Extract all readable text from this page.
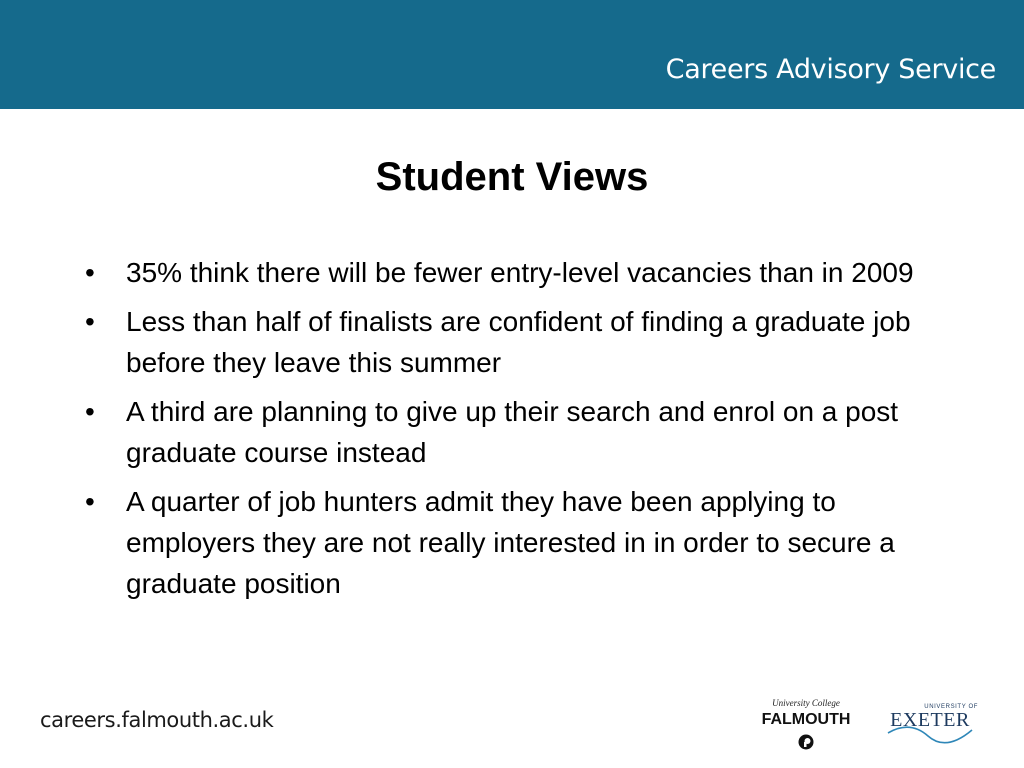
Careers Advisory Service
Student Views
•	35% think there will be fewer entry-level vacancies than in 2009
•	Less than half of finalists are confident of finding a graduate job before they leave this summer
•	A third are planning to give up their search and enrol on a post graduate course instead
•	A quarter of job hunters admit they have been applying to employers they are not really interested in in order to secure a graduate position
careers.falmouth.ac.uk
University College
FALMOUTH
UNIVERSITY OF
EXETER
